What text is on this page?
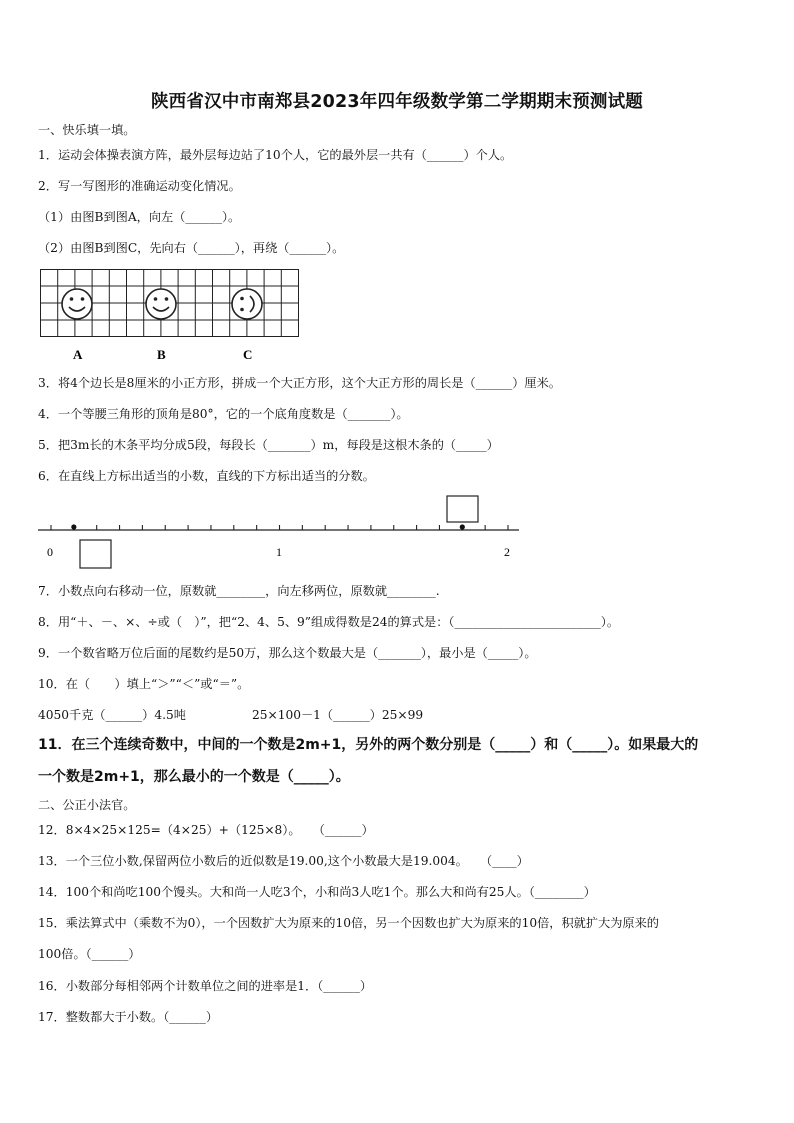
陕西省汉中市南郑县2023年四年级数学第二学期期末预测试题
一、快乐填一填。
1．运动会体操表演方阵，最外层每边站了10个人，它的最外层一共有（______）个人。
2．写一写图形的准确运动变化情况。
（1）由图B到图A，向左（______）。
（2）由图B到图C，先向右（______），再绕（______）。
A	B	C
3．将4个边长是8厘米的小正方形，拼成一个大正方形，这个大正方形的周长是（______）厘米。
4．一个等腰三角形的顶角是80°，它的一个底角度数是（_______）。
5．把3m长的木条平均分成5段，每段长（_______）m，每段是这根木条的（_____）
6．在直线上方标出适当的小数，直线的下方标出适当的分数。
0	1	2
7．小数点向右移动一位，原数就________，向左移两位，原数就________.
8．用“＋、－、×、÷或（　）”，把“2、4、5、9”组成得数是24的算式是：（________________________）。
9．一个数省略万位后面的尾数约是50万，那么这个数最大是（_______），最小是（_____）。
10．在（　　）填上“＞”“＜”或“＝”。
4050千克（______）4.5吨	25×100－1（______）25×99
11．在三个连续奇数中，中间的一个数是2m+1，另外的两个数分别是（_____）和（_____）。如果最大的
一个数是2m+1，那么最小的一个数是（_____）。
二、公正小法官。
12．8×4×25×125=（4×25）+（125×8）。　　（______）
13．一个三位小数,保留两位小数后的近似数是19.00,这个小数最大是19.004。　　（____）
14．100个和尚吃100个馒头。大和尚一人吃3个，小和尚3人吃1个。那么大和尚有25人。（________）
15．乘法算式中（乘数不为0），一个因数扩大为原来的10倍，另一个因数也扩大为原来的10倍，积就扩大为原来的
100倍。（______）
16．小数部分每相邻两个计数单位之间的进率是1．（______）
17．整数都大于小数。（______）
